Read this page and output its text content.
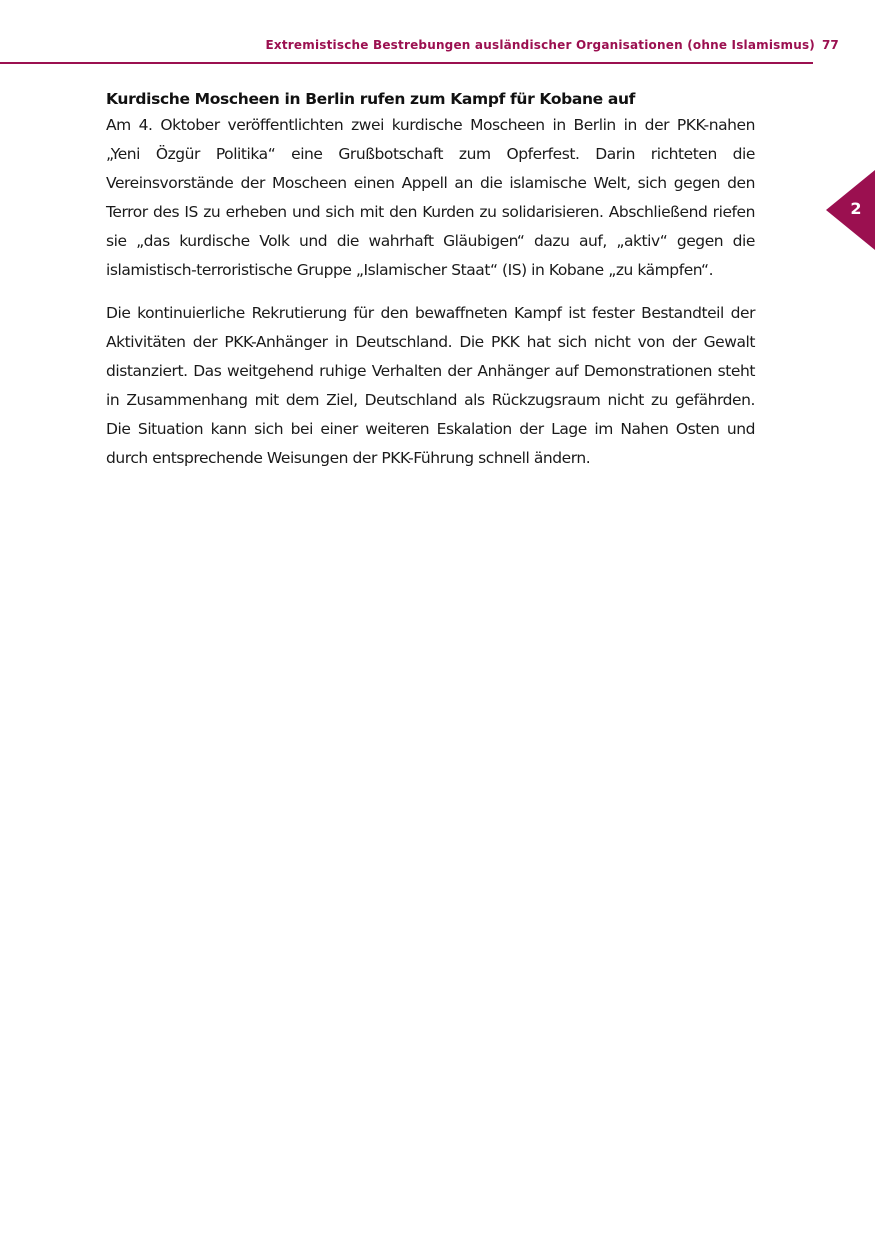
Extremistische Bestrebungen ausländischer Organisationen (ohne Islamismus) 77
2
Kurdische Moscheen in Berlin rufen zum Kampf für Kobane auf

Am 4. Oktober veröffentlichten zwei kurdische Moscheen in Berlin in der PKK-nahen „Yeni Özgür Politika“ eine Grußbotschaft zum Opferfest. Darin richteten die Vereinsvorstände der Moscheen einen Appell an die islamische Welt, sich gegen den Terror des IS zu erheben und sich mit den Kurden zu solidarisieren. Abschließend riefen sie „das kurdische Volk und die wahrhaft Gläubigen“ dazu auf, „aktiv“ gegen die islamistisch-terroristische Gruppe „Islamischer Staat“ (IS) in Kobane „zu kämpfen“.

Die kontinuierliche Rekrutierung für den bewaffneten Kampf ist fester Bestandteil der Aktivitäten der PKK-Anhänger in Deutschland. Die PKK hat sich nicht von der Gewalt distanziert. Das weitgehend ruhige Verhalten der Anhänger auf Demonstrationen steht in Zusammenhang mit dem Ziel, Deutschland als Rückzugsraum nicht zu gefährden. Die Situation kann sich bei einer weiteren Eskalation der Lage im Nahen Osten und durch entsprechende Weisungen der PKK-Führung schnell ändern.
